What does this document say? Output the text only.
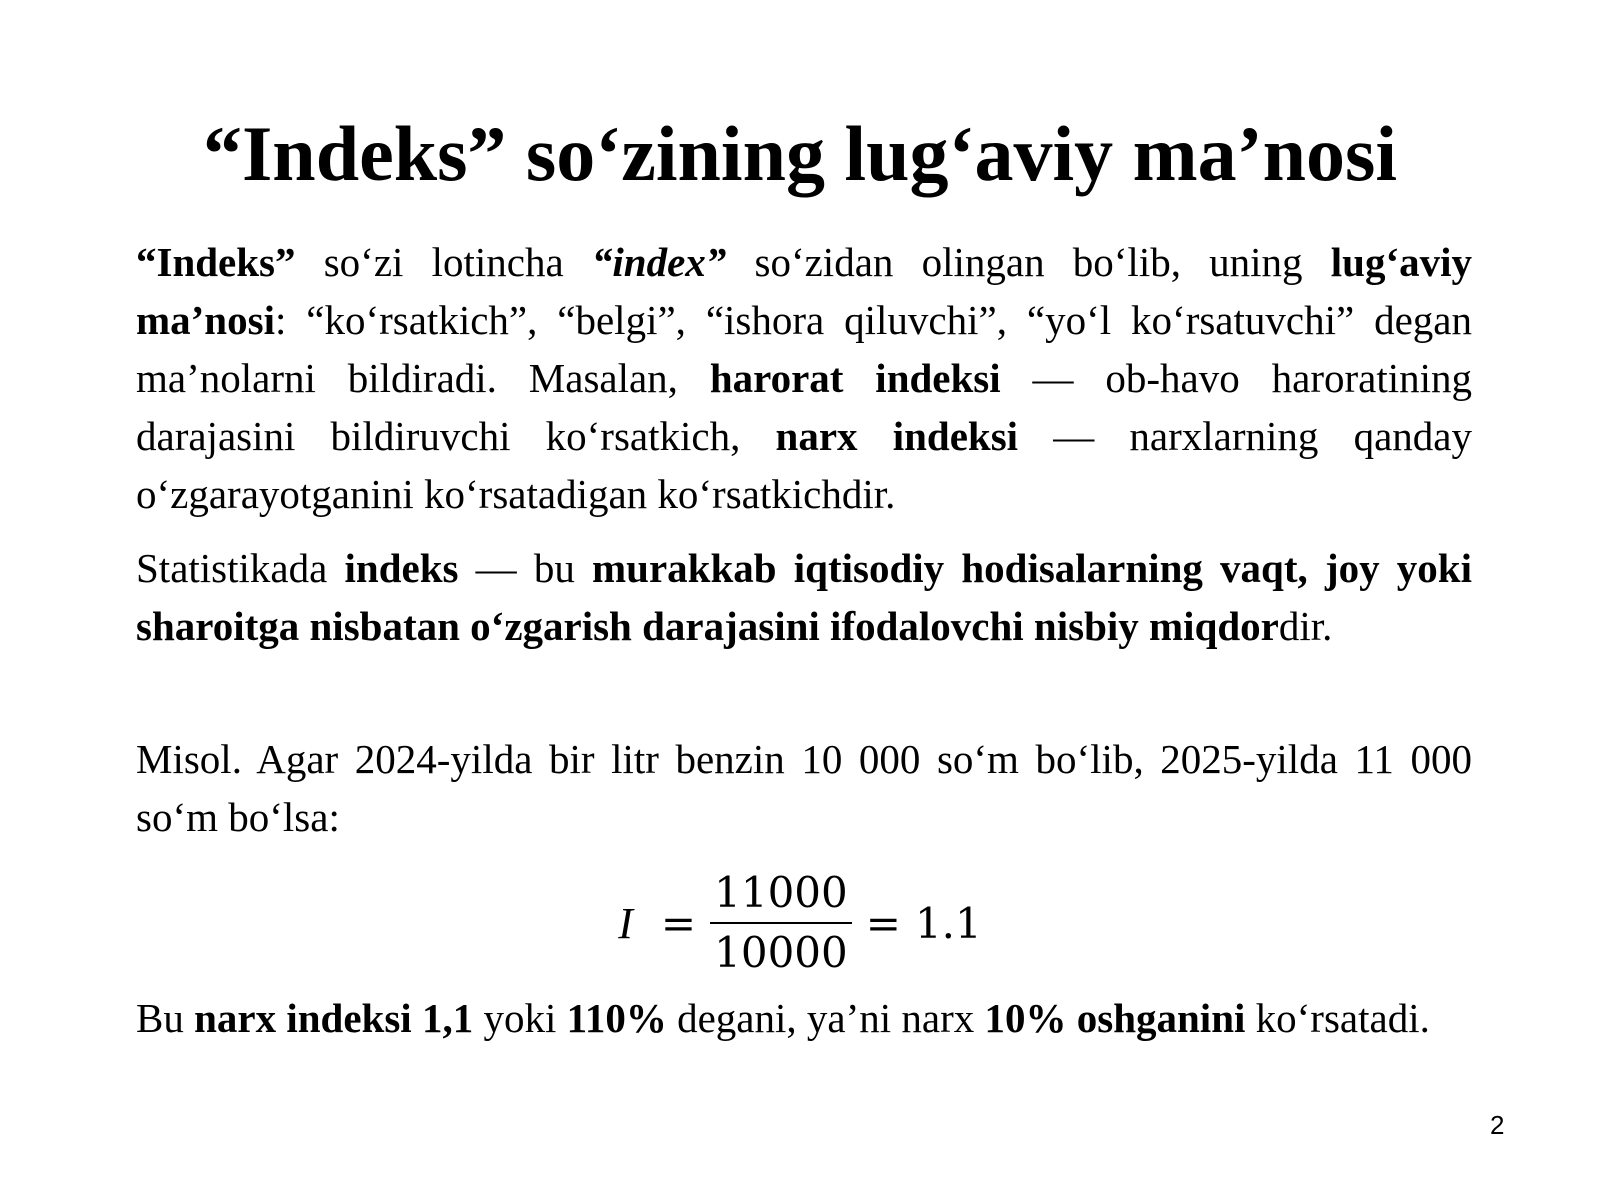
“Indeks” so‘zining lug‘aviy ma’nosi

“Indeks” so‘zi lotincha “index” so‘zidan olingan bo‘lib, uning lug‘aviy ma’nosi: “ko‘rsatkich”, “belgi”, “ishora qiluvchi”, “yo‘l ko‘rsatuvchi” degan ma’nolarni bildiradi. Masalan, harorat indeksi — ob-havo haroratining darajasini bildiruvchi ko‘rsatkich, narx indeksi — narxlarning qanday o‘zgarayotganini ko‘rsatadigan ko‘rsatkichdir.

Statistikada indeks — bu murakkab iqtisodiy hodisalarning vaqt, joy yoki sharoitga nisbatan o‘zgarish darajasini ifodalovchi nisbiy miqdordir.

Misol. Agar 2024-yilda bir litr benzin 10 000 so‘m bo‘lib, 2025-yilda 11 000 so‘m bo‘lsa:

$I = \frac{11000}{10000} = 1.1$

Bu narx indeksi 1,1 yoki 110% degani, ya’ni narx 10% oshganini ko‘rsatadi.

2
